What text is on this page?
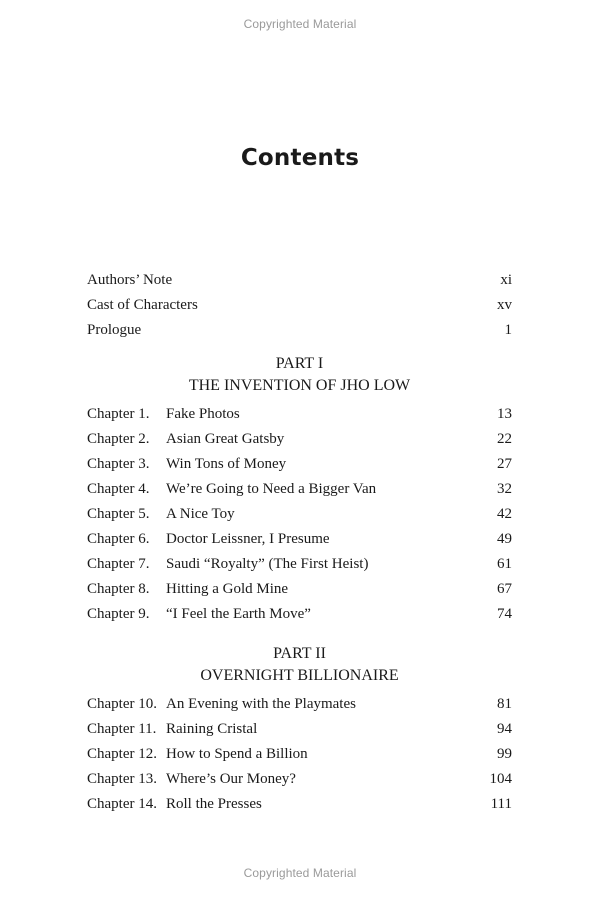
Copyrighted Material
Contents
Authors’ Note	xi
Cast of Characters	xv
Prologue	1
PART I
THE INVENTION OF JHO LOW
Chapter 1.	Fake Photos	13
Chapter 2.	Asian Great Gatsby	22
Chapter 3.	Win Tons of Money	27
Chapter 4.	We’re Going to Need a Bigger Van	32
Chapter 5.	A Nice Toy	42
Chapter 6.	Doctor Leissner, I Presume	49
Chapter 7.	Saudi “Royalty” (The First Heist)	61
Chapter 8.	Hitting a Gold Mine	67
Chapter 9.	“I Feel the Earth Move”	74
PART II
OVERNIGHT BILLIONAIRE
Chapter 10. An Evening with the Playmates	81
Chapter 11. Raining Cristal	94
Chapter 12. How to Spend a Billion	99
Chapter 13. Where’s Our Money?	104
Chapter 14. Roll the Presses	111
Copyrighted Material
